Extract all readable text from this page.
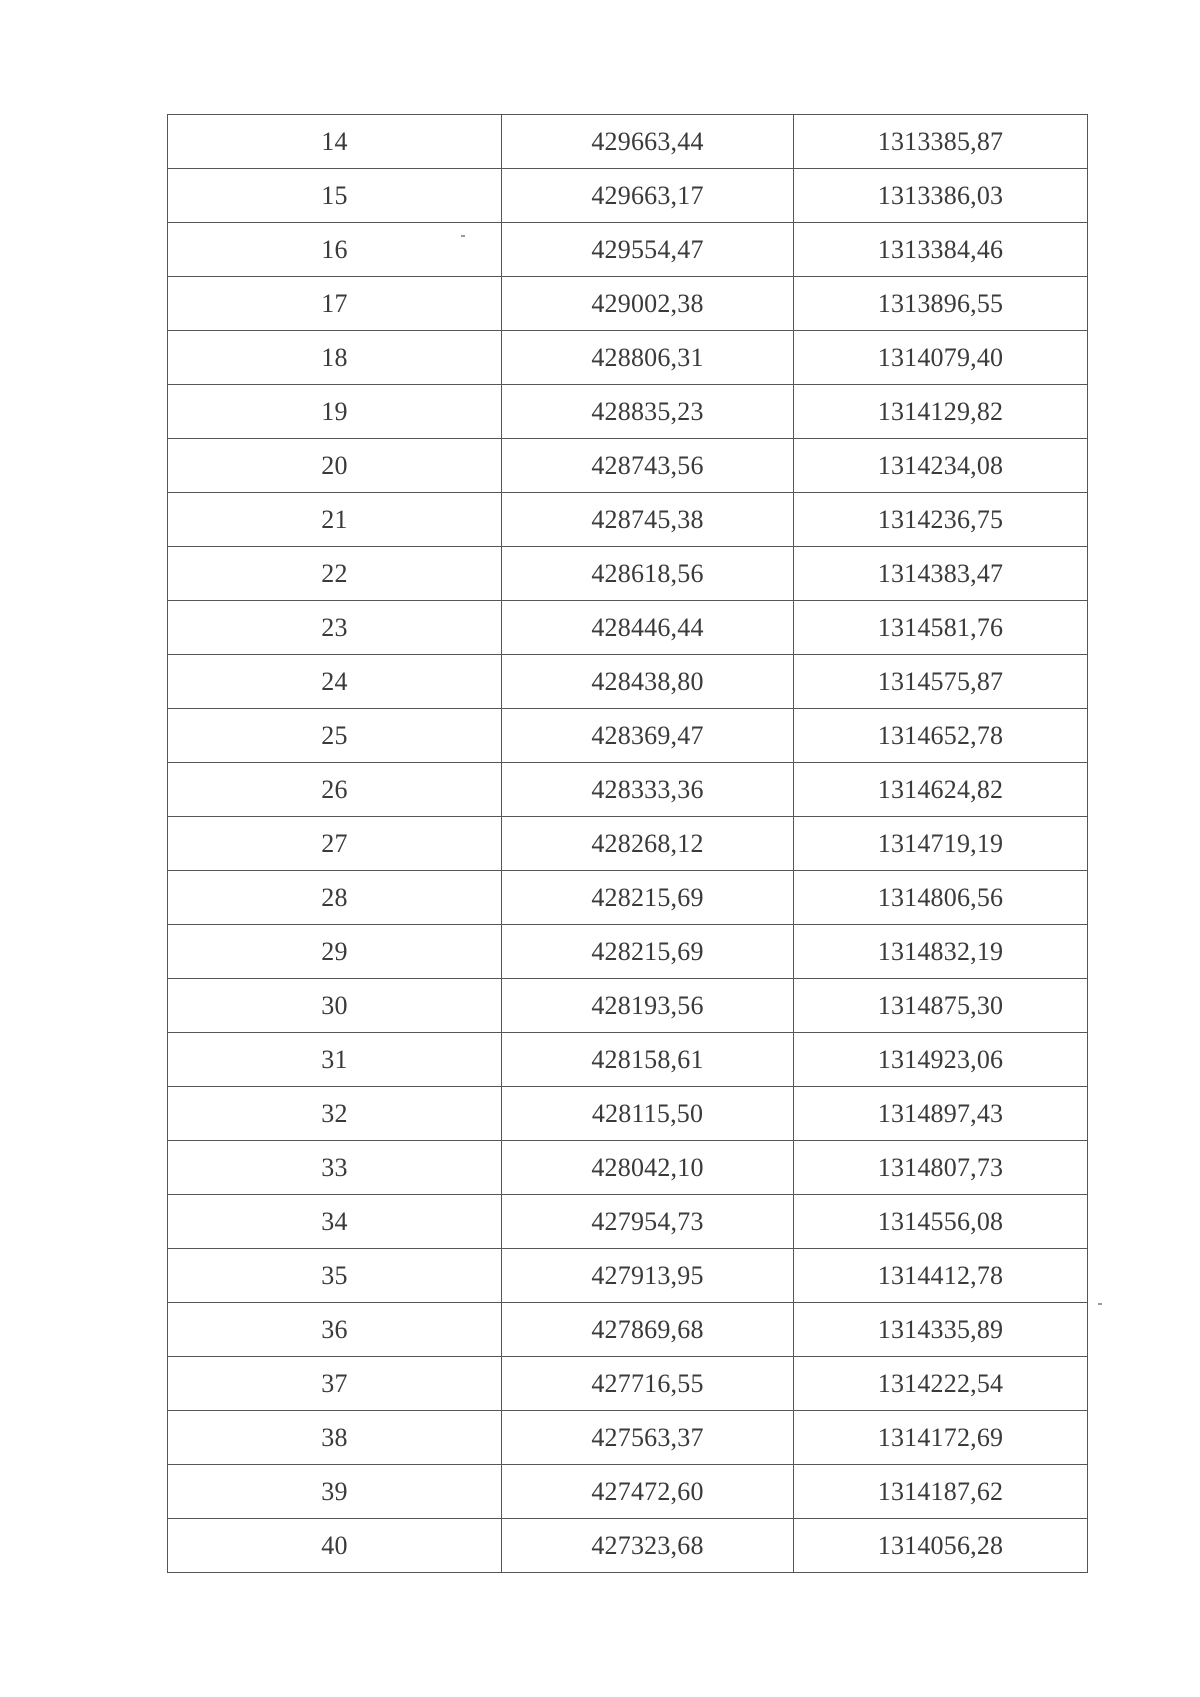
14	429663,44	1313385,87
15	429663,17	1313386,03
16	429554,47	1313384,46
17	429002,38	1313896,55
18	428806,31	1314079,40
19	428835,23	1314129,82
20	428743,56	1314234,08
21	428745,38	1314236,75
22	428618,56	1314383,47
23	428446,44	1314581,76
24	428438,80	1314575,87
25	428369,47	1314652,78
26	428333,36	1314624,82
27	428268,12	1314719,19
28	428215,69	1314806,56
29	428215,69	1314832,19
30	428193,56	1314875,30
31	428158,61	1314923,06
32	428115,50	1314897,43
33	428042,10	1314807,73
34	427954,73	1314556,08
35	427913,95	1314412,78
36	427869,68	1314335,89
37	427716,55	1314222,54
38	427563,37	1314172,69
39	427472,60	1314187,62
40	427323,68	1314056,28
